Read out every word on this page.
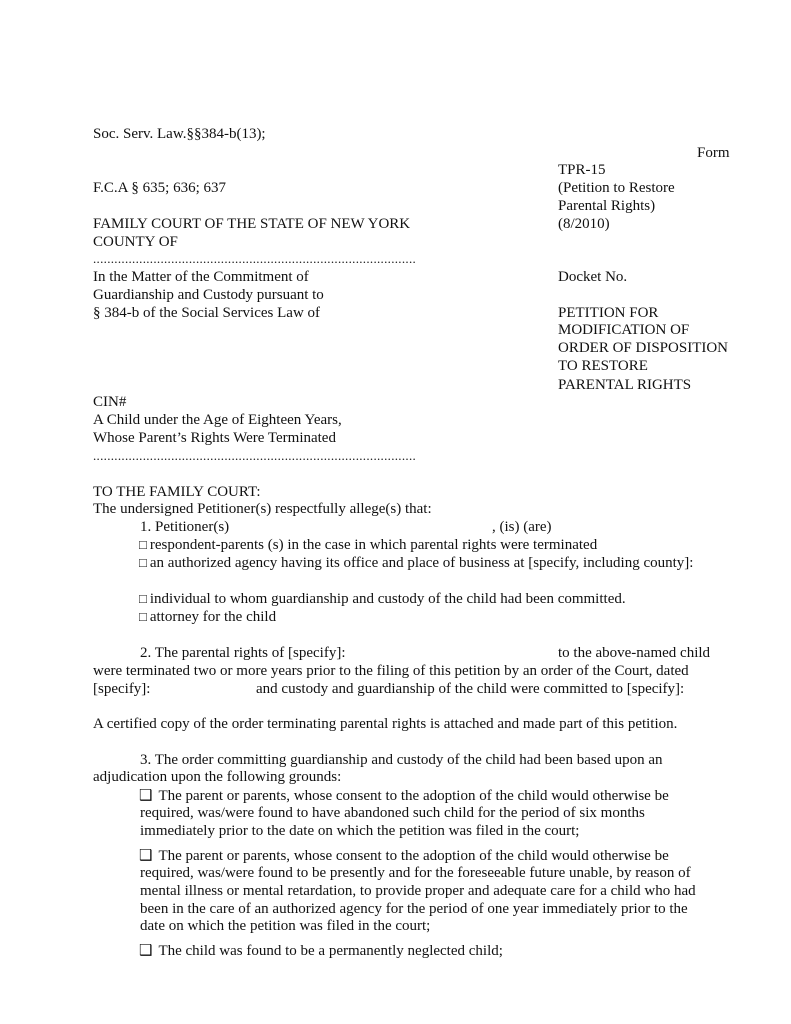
Soc. Serv. Law.§§384-b(13);
Form
TPR-15
F.C.A § 635; 636; 637	(Petition to Restore
Parental Rights)
FAMILY COURT OF THE STATE OF NEW YORK	(8/2010)
COUNTY OF
...........................................................................................
In the Matter of the Commitment of	Docket No.
Guardianship and Custody pursuant to
§ 384-b of the Social Services Law of	PETITION FOR
MODIFICATION OF
ORDER OF DISPOSITION
TO RESTORE
PARENTAL RIGHTS
CIN#
A Child under the Age of Eighteen Years,
Whose Parent’s Rights Were Terminated
...........................................................................................
TO THE FAMILY COURT:
The undersigned Petitioner(s) respectfully allege(s) that:
1. Petitioner(s)	, (is) (are)
□ respondent-parents (s) in the case in which parental rights were terminated
□ an authorized agency having its office and place of business at [specify, including county]:
□ individual to whom guardianship and custody of the child had been committed.
□ attorney for the child
2. The parental rights of [specify]:	to the above-named child
were terminated two or more years prior to the filing of this petition by an order of the Court, dated
[specify]:	and custody and guardianship of the child were committed to [specify]:
A certified copy of the order terminating parental rights is attached and made part of this petition.
3. The order committing guardianship and custody of the child had been based upon an
adjudication upon the following grounds:
❑ The parent or parents, whose consent to the adoption of the child would otherwise be
required, was/were found to have abandoned such child for the period of six months
immediately prior to the date on which the petition was filed in the court;
❑ The parent or parents, whose consent to the adoption of the child would otherwise be
required, was/were found to be presently and for the foreseeable future unable, by reason of
mental illness or mental retardation, to provide proper and adequate care for a child who had
been in the care of an authorized agency for the period of one year immediately prior to the
date on which the petition was filed in the court;
❑ The child was found to be a permanently neglected child;
